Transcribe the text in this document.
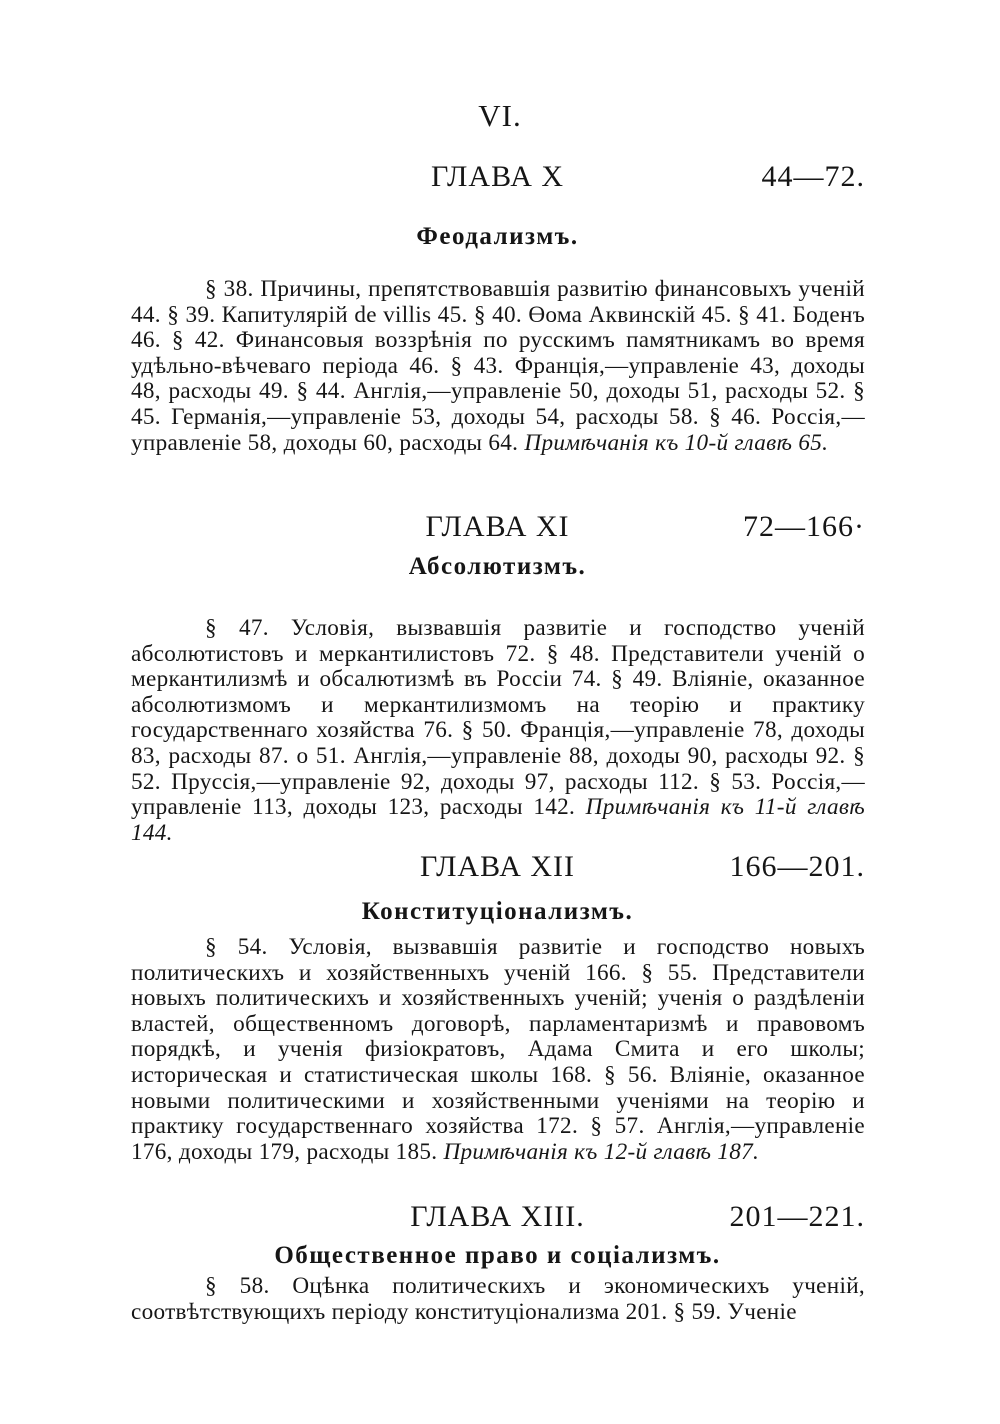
VI.
ГЛАВА X	44—72.
Феодализмъ.
§ 38. Причины, препятствовавшія развитію финансовыхъ ученій 44. § 39. Капитулярій de villis 45. § 40. Өома Аквинскій 45. § 41. Боденъ 46. § 42. Финансовыя воззрѣнія по русскимъ памятникамъ во время удѣльно-вѣчеваго періода 46. § 43. Франція,—управленіе 43, доходы 48, расходы 49. § 44. Англія,—управленіе 50, доходы 51, расходы 52. § 45. Германія,—управленіе 53, доходы 54, расходы 58. § 46. Россія,—управленіе 58, доходы 60, расходы 64. Примѣчанія къ 10-й главѣ 65.
ГЛАВА XI	72—166·
Абсолютизмъ.
§ 47. Условія, вызвавшія развитіе и господство ученій абсолютистовъ и меркантилистовъ 72. § 48. Представители ученій о меркантилизмѣ и обсалютизмѣ въ Россіи 74. § 49. Вліяніе, оказанное абсолютизмомъ и меркантилизмомъ на теорію и практику государственнаго хозяйства 76. § 50. Франція,—управленіе 78, доходы 83, расходы 87. о 51. Англія,—управленіе 88, доходы 90, расходы 92. § 52. Пруссія,—управленіе 92, доходы 97, расходы 112. § 53. Россія,—управленіе 113, доходы 123, расходы 142. Примѣчанія къ 11-й главѣ 144.
ГЛАВА XII	166—201.
Конституціонализмъ.
§ 54. Условія, вызвавшія развитіе и господство новыхъ политическихъ и хозяйственныхъ ученій 166. § 55. Представители новыхъ политическихъ и хозяйственныхъ ученій; ученія о раздѣленіи властей, общественномъ договорѣ, парламентаризмѣ и правовомъ порядкѣ, и ученія физіократовъ, Адама Смита и его школы; историческая и статистическая школы 168. § 56. Вліяніе, оказанное новыми политическими и хозяйственными ученіями на теорію и практику государственнаго хозяйства 172. § 57. Англія,—управленіе 176, доходы 179, расходы 185. Примѣчанія къ 12-й главѣ 187.
ГЛАВА XIII.	201—221.
Общественное право и соціализмъ.
§ 58. Оцѣнка политическихъ и экономическихъ ученій, соотвѣтствующихъ періоду конституціонализма 201. § 59. Ученіе
